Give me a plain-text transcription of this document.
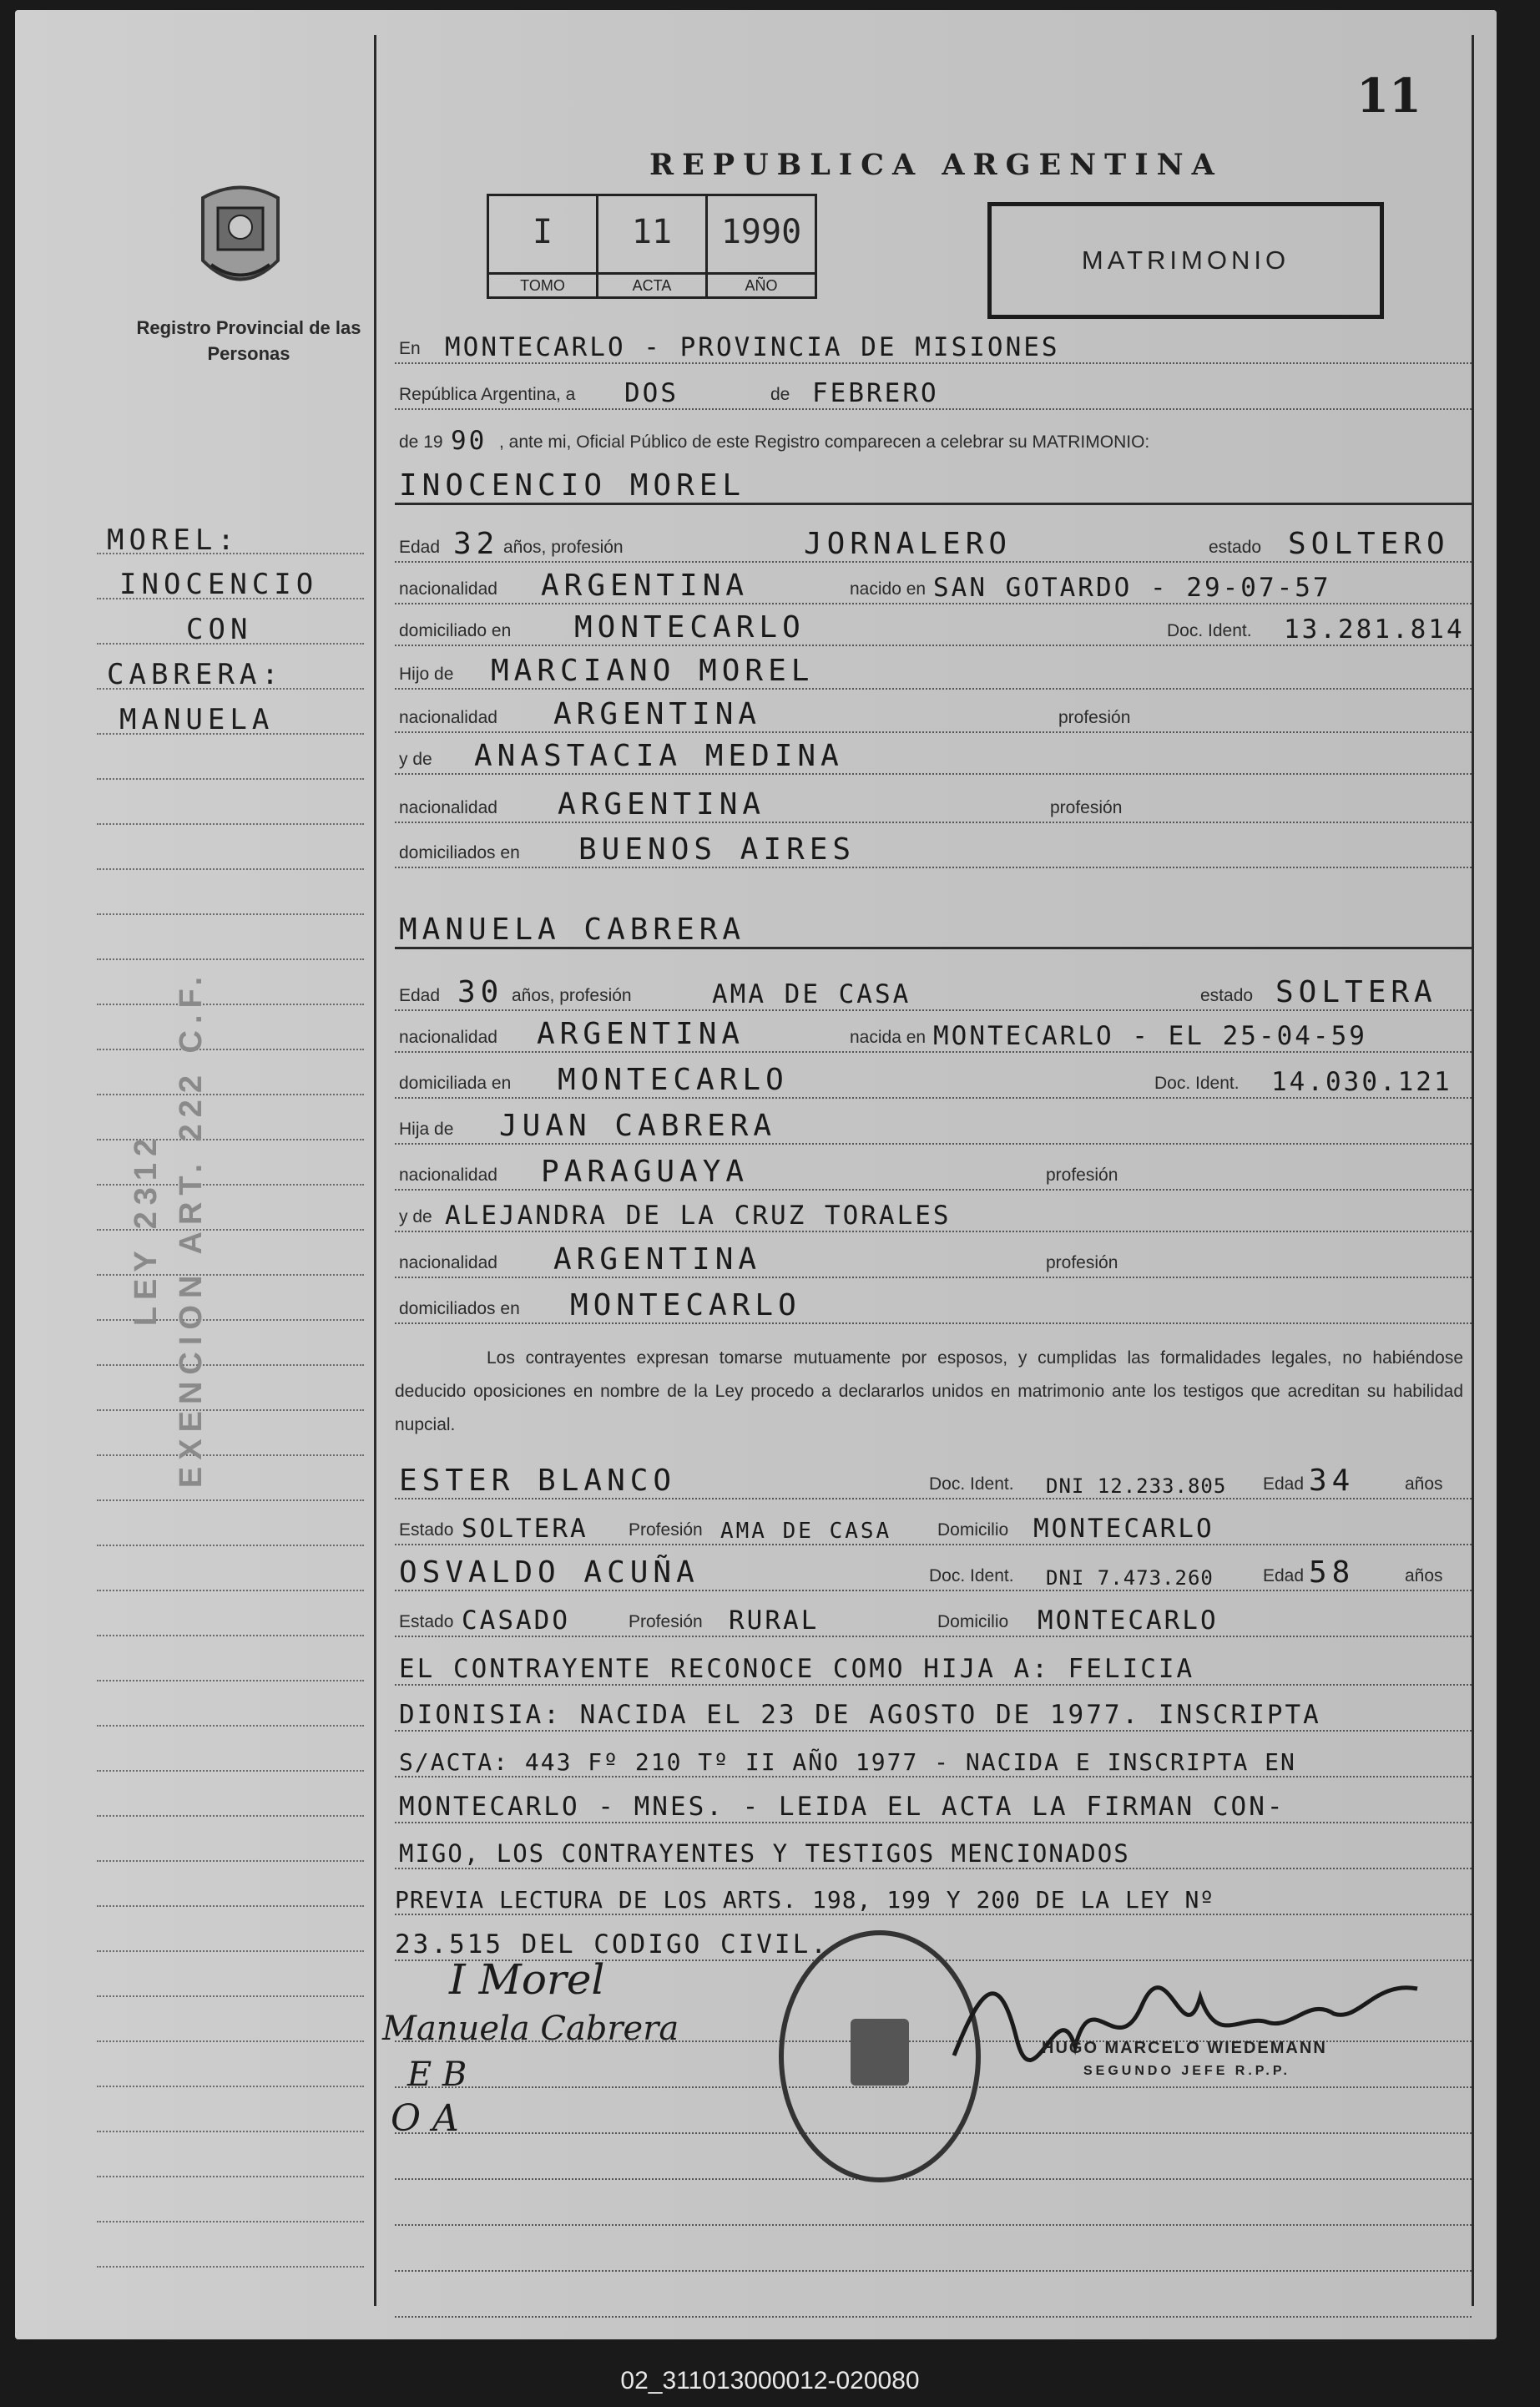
11
REPUBLICA ARGENTINA
I
TOMO
11
ACTA
1990
AÑO
MATRIMONIO
Registro Provincial de las Personas
MOREL:
INOCENCIO
CON
CABRERA:
MANUELA
LEY 2312 EXENCION ART. 222 C.F.
En MONTECARLO - PROVINCIA DE MISIONES
República Argentina, a DOS	de FEBRERO
de 19 90 , ante mi, Oficial Público de este Registro comparecen a celebrar su MATRIMONIO:
INOCENCIO MOREL
Edad 32 años, profesión	JORNALERO	estado SOLTERO
nacionalidad ARGENTINA	nacido en SAN GOTARDO - 29-07-57
domiciliado en MONTECARLO	Doc. Ident. 13.281.814
Hijo de MARCIANO MOREL
nacionalidad ARGENTINA	profesión
y de ANASTACIA MEDINA
nacionalidad ARGENTINA	profesión
domiciliados en BUENOS AIRES
MANUELA CABRERA
Edad 30 años, profesión	AMA DE CASA	estado SOLTERA
nacionalidad ARGENTINA	nacida en MONTECARLO - EL 25-04-59
domiciliada en MONTECARLO	Doc. Ident. 14.030.121
Hija de JUAN CABRERA
nacionalidad PARAGUAYA	profesión
y de ALEJANDRA DE LA CRUZ TORALES
nacionalidad ARGENTINA	profesión
domiciliados en MONTECARLO
Los contrayentes expresan tomarse mutuamente por esposos, y cumplidas las formalidades legales, no habiéndose deducido oposiciones en nombre de la Ley procedo a declararlos unidos en matrimonio ante los testigos que acreditan su habilidad nupcial.
ESTER BLANCO	Doc. Ident. DNI 12.233.805 Edad 34	años
Estado SOLTERA Profesión AMA DE CASA	Domicilio MONTECARLO
OSVALDO ACUÑA	Doc. Ident. DNI 7.473.260	Edad 58	años
Estado CASADO	Profesión RURAL	Domicilio MONTECARLO
EL CONTRAYENTE RECONOCE COMO HIJA A: FELICIA
DIONISIA: NACIDA EL 23 DE AGOSTO DE 1977. INSCRIPTA
S/ACTA: 443 Fº 210 Tº II AÑO 1977 - NACIDA E INSCRIPTA EN
MONTECARLO - MNES. - LEIDA EL ACTA LA FIRMAN CON-
MIGO, LOS CONTRAYENTES Y TESTIGOS MENCIONADOS
PREVIA LECTURA DE LOS ARTS. 198, 199 Y 200 DE LA LEY Nº
23.515 DEL CODIGO CIVIL.
I Morel
Manuela Cabrera
E B
O A
HUGO MARCELO WIEDEMANN
SEGUNDO JEFE R.P.P.
02_311013000012-020080
